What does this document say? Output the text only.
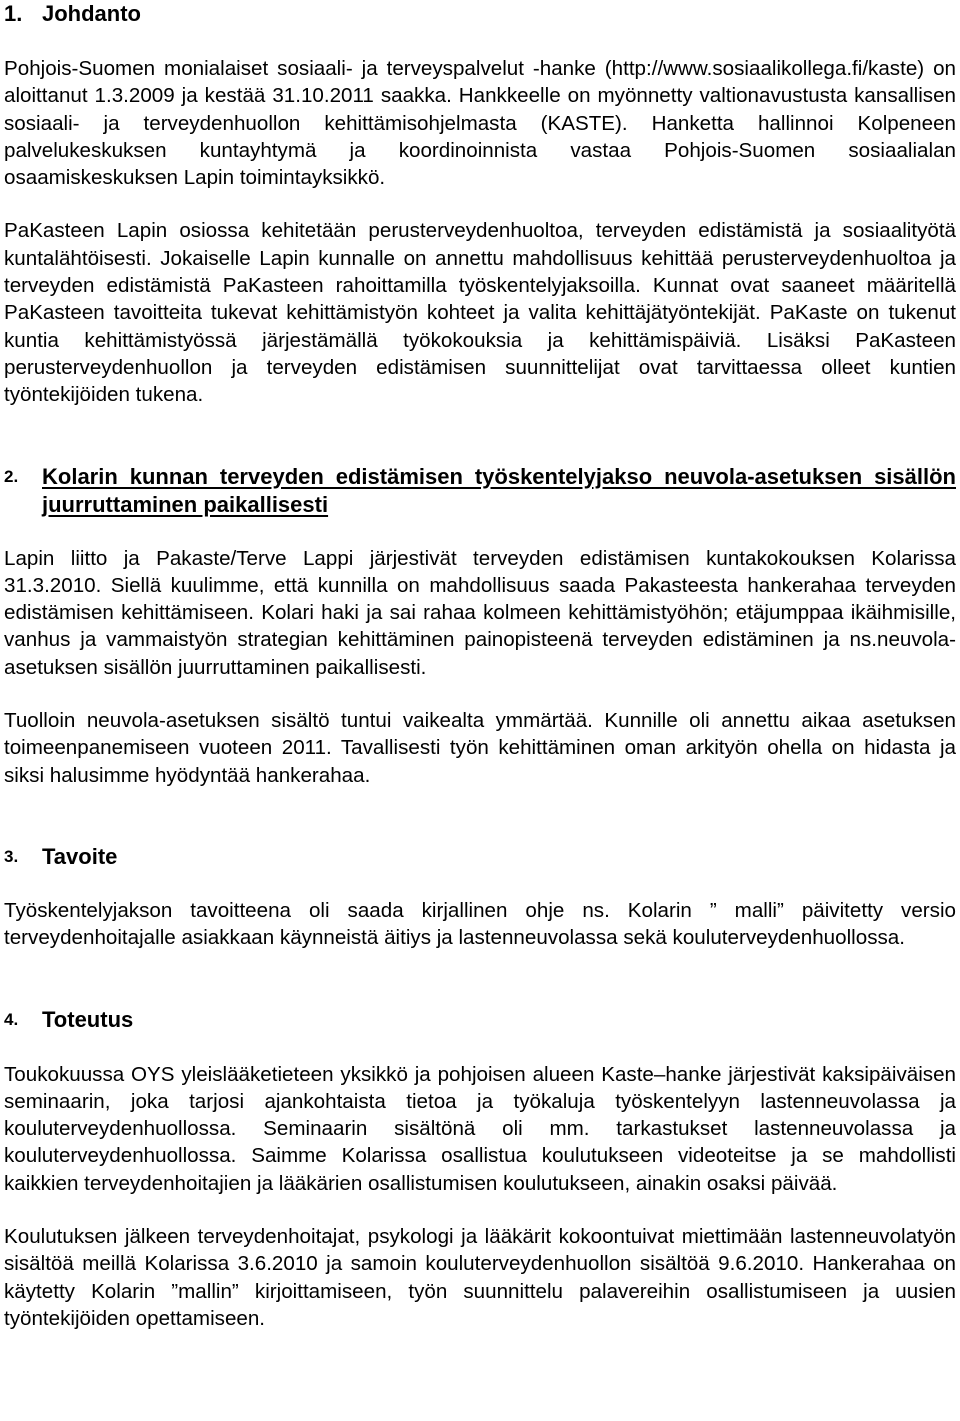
1. Johdanto

Pohjois-Suomen monialaiset sosiaali- ja terveyspalvelut -hanke (http://www.sosiaalikollega.fi/kaste) on aloittanut 1.3.2009 ja kestää 31.10.2011 saakka. Hankkeelle on myönnetty valtionavustusta kansallisen sosiaali- ja terveydenhuollon kehittämisohjelmasta (KASTE). Hanketta hallinnoi Kolpeneen palvelukeskuksen kuntayhtymä ja koordinoinnista vastaa Pohjois-Suomen sosiaalialan osaamiskeskuksen Lapin toimintayksikkö.

PaKasteen Lapin osiossa kehitetään perusterveydenhuoltoa, terveyden edistämistä ja sosiaalityötä kuntalähtöisesti. Jokaiselle Lapin kunnalle on annettu mahdollisuus kehittää perusterveydenhuoltoa ja terveyden edistämistä PaKasteen rahoittamilla työskentelyjaksoilla. Kunnat ovat saaneet määritellä PaKasteen tavoitteita tukevat kehittämistyön kohteet ja valita kehittäjätyöntekijät. PaKaste on tukenut kuntia kehittämistyössä järjestämällä työkokouksia ja kehittämispäiviä. Lisäksi PaKasteen perusterveydenhuollon ja terveyden edistämisen suunnittelijat ovat tarvittaessa olleet kuntien työntekijöiden tukena.

2.	Kolarin kunnan terveyden edistämisen työskentelyjakso neuvola-asetuksen sisällön juurruttaminen paikallisesti

Lapin liitto ja Pakaste/Terve Lappi järjestivät terveyden edistämisen kuntakokouksen Kolarissa 31.3.2010. Siellä kuulimme, että kunnilla on mahdollisuus saada Pakasteesta hankerahaa terveyden edistämisen kehittämiseen. Kolari haki ja sai rahaa kolmeen kehittämistyöhön; etäjumppaa ikäihmisille, vanhus ja vammaistyön strategian kehittäminen painopisteenä terveyden edistäminen ja ns.neuvola-asetuksen sisällön juurruttaminen paikallisesti.

Tuolloin neuvola-asetuksen sisältö tuntui vaikealta ymmärtää. Kunnille oli annettu aikaa asetuksen toimeenpanemiseen vuoteen 2011. Tavallisesti työn kehittäminen oman arkityön ohella on hidasta ja siksi halusimme hyödyntää hankerahaa.

3.	Tavoite

Työskentelyjakson tavoitteena oli saada kirjallinen ohje ns. Kolarin ” malli” päivitetty versio terveydenhoitajalle asiakkaan käynneistä äitiys ja lastenneuvolassa sekä kouluterveydenhuollossa.

4.	Toteutus

Toukokuussa OYS yleislääketieteen yksikkö ja pohjoisen alueen Kaste–hanke järjestivät kaksipäiväisen seminaarin, joka tarjosi ajankohtaista tietoa ja työkaluja työskentelyyn lastenneuvolassa ja kouluterveydenhuollossa. Seminaarin sisältönä oli mm. tarkastukset lastenneuvolassa ja kouluterveydenhuollossa. Saimme Kolarissa osallistua koulutukseen videoteitse ja se mahdollisti kaikkien terveydenhoitajien ja lääkärien osallistumisen koulutukseen, ainakin osaksi päivää.

Koulutuksen jälkeen terveydenhoitajat, psykologi ja lääkärit kokoontuivat miettimään lastenneuvolatyön sisältöä meillä Kolarissa 3.6.2010 ja samoin kouluterveydenhuollon sisältöä 9.6.2010. Hankerahaa on käytetty Kolarin ”mallin” kirjoittamiseen, työn suunnittelu palavereihin osallistumiseen ja uusien työntekijöiden opettamiseen.
